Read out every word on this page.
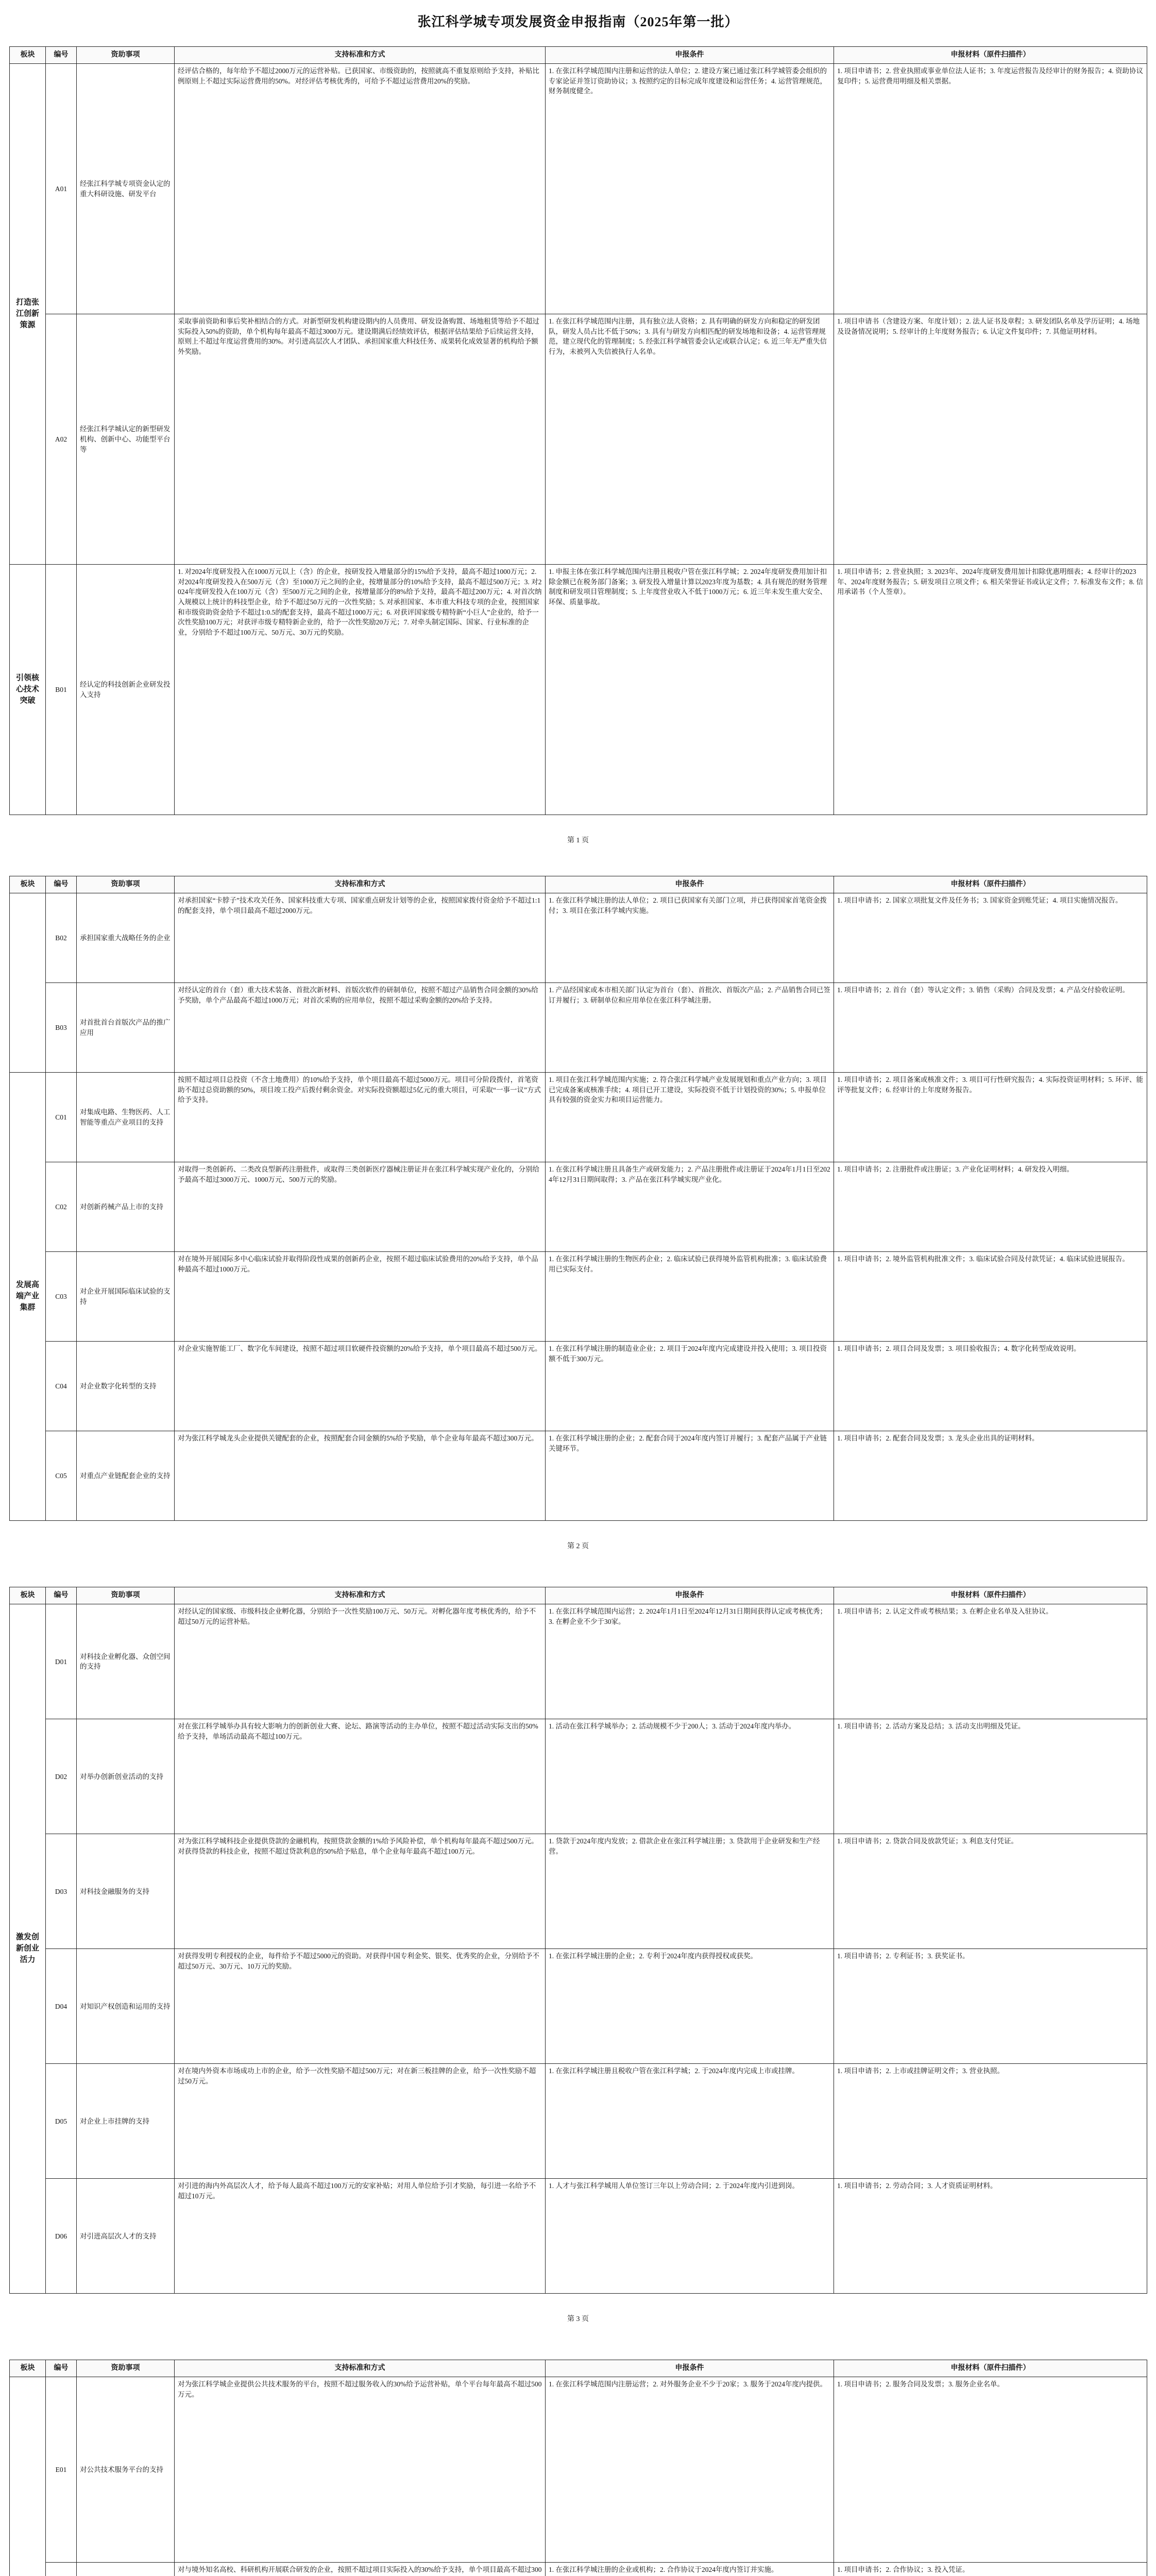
张江科学城专项发展资金申报指南（2025年第一批）
板块	编号	资助事项	支持标准和方式	申报条件	申报材料（原件扫描件）
打造张江创新策源	A01	经张江科学城专项资金认定的重大科研设施、研发平台	经评估合格的，每年给予不超过2000万元的运营补贴。已获国家、市级资助的，按照就高不重复原则给予支持，补贴比例原则上不超过实际运营费用的50%。对经评估考核优秀的，可给予不超过运营费用20%的奖励。	1. 在张江科学城范围内注册和运营的法人单位；2. 建设方案已通过张江科学城管委会组织的专家论证并签订资助协议；3. 按照约定的目标完成年度建设和运营任务；4. 运营管理规范，财务制度健全。	1. 项目申请书；2. 营业执照或事业单位法人证书；3. 年度运营报告及经审计的财务报告；4. 资助协议复印件；5. 运营费用明细及相关票据。
	A02	经张江科学城认定的新型研发机构、创新中心、功能型平台等	采取事前资助和事后奖补相结合的方式。对新型研发机构建设期内的人员费用、研发设备购置、场地租赁等给予不超过实际投入50%的资助，单个机构每年最高不超过3000万元。建设期满后经绩效评估，根据评估结果给予后续运营支持，原则上不超过年度运营费用的30%。对引进高层次人才团队、承担国家重大科技任务、成果转化成效显著的机构给予额外奖励。	1. 在张江科学城范围内注册，具有独立法人资格；2. 具有明确的研发方向和稳定的研发团队，研发人员占比不低于50%；3. 具有与研发方向相匹配的研发场地和设备；4. 运营管理规范，建立现代化的管理制度；5. 经张江科学城管委会认定或联合认定；6. 近三年无严重失信行为，未被列入失信被执行人名单。	1. 项目申请书（含建设方案、年度计划）；2. 法人证书及章程；3. 研发团队名单及学历证明；4. 场地及设备情况说明；5. 经审计的上年度财务报告；6. 认定文件复印件；7. 其他证明材料。
引领核心技术突破	B01	经认定的科技创新企业研发投入支持	1. 对2024年度研发投入在1000万元以上（含）的企业，按研发投入增量部分的15%给予支持，最高不超过1000万元；2. 对2024年度研发投入在500万元（含）至1000万元之间的企业，按增量部分的10%给予支持，最高不超过500万元；3. 对2024年度研发投入在100万元（含）至500万元之间的企业，按增量部分的8%给予支持，最高不超过200万元；4. 对首次纳入规模以上统计的科技型企业，给予不超过50万元的一次性奖励；5. 对承担国家、本市重大科技专项的企业，按照国家和市级资助资金给予不超过1:0.5的配套支持，最高不超过1000万元；6. 对获评国家级专精特新“小巨人”企业的，给予一次性奖励100万元；对获评市级专精特新企业的，给予一次性奖励20万元；7. 对牵头制定国际、国家、行业标准的企业，分别给予不超过100万元、50万元、30万元的奖励。	1. 申报主体在张江科学城范围内注册且税收户管在张江科学城；2. 2024年度研发费用加计扣除金额已在税务部门备案；3. 研发投入增量计算以2023年度为基数；4. 具有规范的财务管理制度和研发项目管理制度；5. 上年度营业收入不低于1000万元；6. 近三年未发生重大安全、环保、质量事故。	1. 项目申请书；2. 营业执照；3. 2023年、2024年度研发费用加计扣除优惠明细表；4. 经审计的2023年、2024年度财务报告；5. 研发项目立项文件；6. 相关荣誉证书或认定文件；7. 标准发布文件；8. 信用承诺书（个人签章）。
板块	编号	资助事项	支持标准和方式	申报条件	申报材料（原件扫描件）
	B02	承担国家重大战略任务的企业	对承担国家“卡脖子”技术攻关任务、国家科技重大专项、国家重点研发计划等的企业，按照国家拨付资金给予不超过1:1的配套支持，单个项目最高不超过2000万元。	1. 在张江科学城注册的法人单位；2. 项目已获国家有关部门立项，并已获得国家首笔资金拨付；3. 项目在张江科学城内实施。	1. 项目申请书；2. 国家立项批复文件及任务书；3. 国家资金到账凭证；4. 项目实施情况报告。
	B03	对首批首台首版次产品的推广应用	对经认定的首台（套）重大技术装备、首批次新材料、首版次软件的研制单位，按照不超过产品销售合同金额的30%给予奖励，单个产品最高不超过1000万元；对首次采购的应用单位，按照不超过采购金额的20%给予支持。	1. 产品经国家或本市相关部门认定为首台（套）、首批次、首版次产品；2. 产品销售合同已签订并履行；3. 研制单位和应用单位在张江科学城注册。	1. 项目申请书；2. 首台（套）等认定文件；3. 销售（采购）合同及发票；4. 产品交付验收证明。
发展高端产业集群	C01	对集成电路、生物医药、人工智能等重点产业项目的支持	按照不超过项目总投资（不含土地费用）的10%给予支持，单个项目最高不超过5000万元。项目可分阶段拨付，首笔资助不超过总资助额的50%，项目竣工投产后拨付剩余资金。对实际投资额超过5亿元的重大项目，可采取“一事一议”方式给予支持。	1. 项目在张江科学城范围内实施；2. 符合张江科学城产业发展规划和重点产业方向；3. 项目已完成备案或核准手续；4. 项目已开工建设，实际投资不低于计划投资的30%；5. 申报单位具有较强的资金实力和项目运营能力。	1. 项目申请书；2. 项目备案或核准文件；3. 项目可行性研究报告；4. 实际投资证明材料；5. 环评、能评等批复文件；6. 经审计的上年度财务报告。
	C02	对创新药械产品上市的支持	对取得一类创新药、二类改良型新药注册批件，或取得三类创新医疗器械注册证并在张江科学城实现产业化的，分别给予最高不超过3000万元、1000万元、500万元的奖励。	1. 在张江科学城注册且具备生产或研发能力；2. 产品注册批件或注册证于2024年1月1日至2024年12月31日期间取得；3. 产品在张江科学城实现产业化。	1. 项目申请书；2. 注册批件或注册证；3. 产业化证明材料；4. 研发投入明细。
	C03	对企业开展国际临床试验的支持	对在境外开展国际多中心临床试验并取得阶段性成果的创新药企业，按照不超过临床试验费用的20%给予支持，单个品种最高不超过1000万元。	1. 在张江科学城注册的生物医药企业；2. 临床试验已获得境外监管机构批准；3. 临床试验费用已实际支付。	1. 项目申请书；2. 境外监管机构批准文件；3. 临床试验合同及付款凭证；4. 临床试验进展报告。
	C04	对企业数字化转型的支持	对企业实施智能工厂、数字化车间建设，按照不超过项目软硬件投资额的20%给予支持，单个项目最高不超过500万元。	1. 在张江科学城注册的制造业企业；2. 项目于2024年度内完成建设并投入使用；3. 项目投资额不低于300万元。	1. 项目申请书；2. 项目合同及发票；3. 项目验收报告；4. 数字化转型成效说明。
	C05	对重点产业链配套企业的支持	对为张江科学城龙头企业提供关键配套的企业，按照配套合同金额的5%给予奖励，单个企业每年最高不超过300万元。	1. 在张江科学城注册的企业；2. 配套合同于2024年度内签订并履行；3. 配套产品属于产业链关键环节。	1. 项目申请书；2. 配套合同及发票；3. 龙头企业出具的证明材料。
板块	编号	资助事项	支持标准和方式	申报条件	申报材料（原件扫描件）
激发创新创业活力	D01	对科技企业孵化器、众创空间的支持	对经认定的国家级、市级科技企业孵化器，分别给予一次性奖励100万元、50万元。对孵化器年度考核优秀的，给予不超过50万元的运营补贴。	1. 在张江科学城范围内运营；2. 2024年1月1日至2024年12月31日期间获得认定或考核优秀；3. 在孵企业不少于30家。	1. 项目申请书；2. 认定文件或考核结果；3. 在孵企业名单及入驻协议。
	D02	对举办创新创业活动的支持	对在张江科学城举办具有较大影响力的创新创业大赛、论坛、路演等活动的主办单位，按照不超过活动实际支出的50%给予支持，单场活动最高不超过100万元。	1. 活动在张江科学城举办；2. 活动规模不少于200人；3. 活动于2024年度内举办。	1. 项目申请书；2. 活动方案及总结；3. 活动支出明细及凭证。
	D03	对科技金融服务的支持	对为张江科学城科技企业提供贷款的金融机构，按照贷款金额的1%给予风险补偿，单个机构每年最高不超过500万元。对获得贷款的科技企业，按照不超过贷款利息的50%给予贴息，单个企业每年最高不超过100万元。	1. 贷款于2024年度内发放；2. 借款企业在张江科学城注册；3. 贷款用于企业研发和生产经营。	1. 项目申请书；2. 贷款合同及放款凭证；3. 利息支付凭证。
	D04	对知识产权创造和运用的支持	对获得发明专利授权的企业，每件给予不超过5000元的资助。对获得中国专利金奖、银奖、优秀奖的企业，分别给予不超过50万元、30万元、10万元的奖励。	1. 在张江科学城注册的企业；2. 专利于2024年度内获得授权或获奖。	1. 项目申请书；2. 专利证书；3. 获奖证书。
	D05	对企业上市挂牌的支持	对在境内外资本市场成功上市的企业，给予一次性奖励不超过500万元；对在新三板挂牌的企业，给予一次性奖励不超过50万元。	1. 在张江科学城注册且税收户管在张江科学城；2. 于2024年度内完成上市或挂牌。	1. 项目申请书；2. 上市或挂牌证明文件；3. 营业执照。
	D06	对引进高层次人才的支持	对引进的海内外高层次人才，给予每人最高不超过100万元的安家补贴；对用人单位给予引才奖励，每引进一名给予不超过10万元。	1. 人才与张江科学城用人单位签订三年以上劳动合同；2. 于2024年度内引进到岗。	1. 项目申请书；2. 劳动合同；3. 人才资质证明材料。
板块	编号	资助事项	支持标准和方式	申报条件	申报材料（原件扫描件）
	E01	对公共技术服务平台的支持	对为张江科学城企业提供公共技术服务的平台，按照不超过服务收入的30%给予运营补贴，单个平台每年最高不超过500万元。	1. 在张江科学城范围内注册运营；2. 对外服务企业不少于20家；3. 服务于2024年度内提供。	1. 项目申请书；2. 服务合同及发票；3. 服务企业名单。
		对与境外知名高校、科研机构开展联合研发的企业，按照不超过项目实际投入的30%给予支持，单个项目最高不超过300	1. 在张江科学城注册的企业或机构；2. 合作协议于2024年度内签订并实施。	1. 项目申请书；2. 合作协议；3. 投入凭证。

第 1 页
第 2 页
第 3 页
